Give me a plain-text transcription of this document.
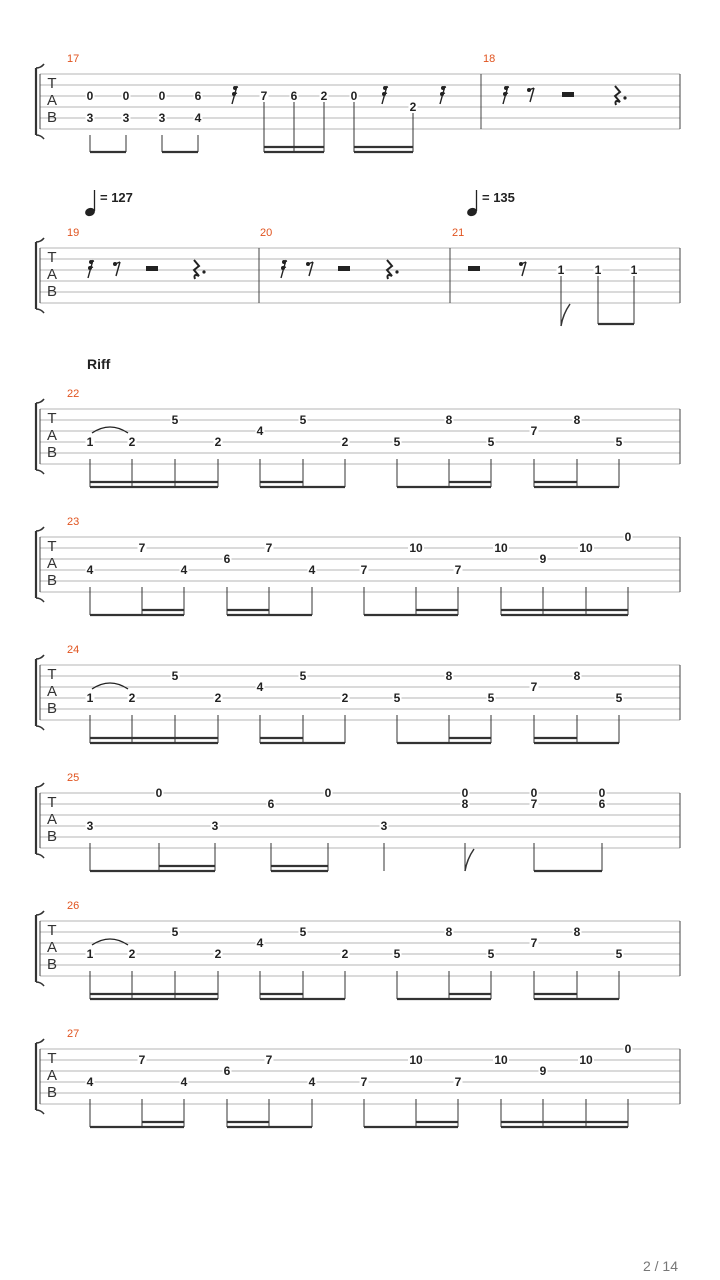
T
A
B
17	18
0
3
0
3
0
3
6
4
7 6 2 0
2
T
A
B
19	20	21
= 127	= 135
1	1 1
Riff
T
A
B
22
1	2
5
2
4
5
2	5
8
5
7
8
5
T
A
B
23
4
7
4
6
7
4	7
10
7
10
9
10
0
T
A
B
24
1	2
5
2
4
5
2	5
8
5
7
8
5
T
A
B
25
3
0
3
6
0
3
0
8
0
7
0
6
T
A
B
26
1	2
5
2
4
5
2	5
8
5
7
8
5
T
A
B
27
4
7
4
6
7
4	7
10
7
10
9
10
0
2 / 14
